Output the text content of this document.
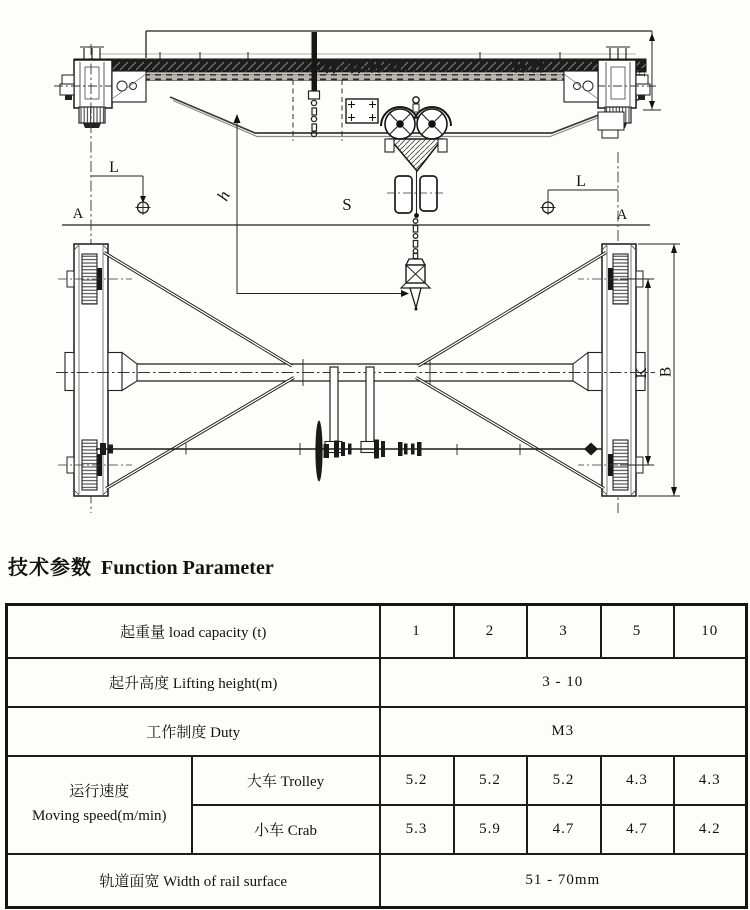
S
h
L
L
A	A
H
K B
技术参数 Function Parameter
起重量 load capacity (t)		1	2	3	5	10
起升高度 Lifting height(m)		3 - 10				
工作制度 Duty		M3				

运行速度
Moving speed(m/min)	大车 Trolley	5.2	5.2	5.2	4.3	4.3
	小车 Crab	5.3	5.9	4.7	4.7	4.2
轨道面宽 Width of rail surface		51 - 70mm				
